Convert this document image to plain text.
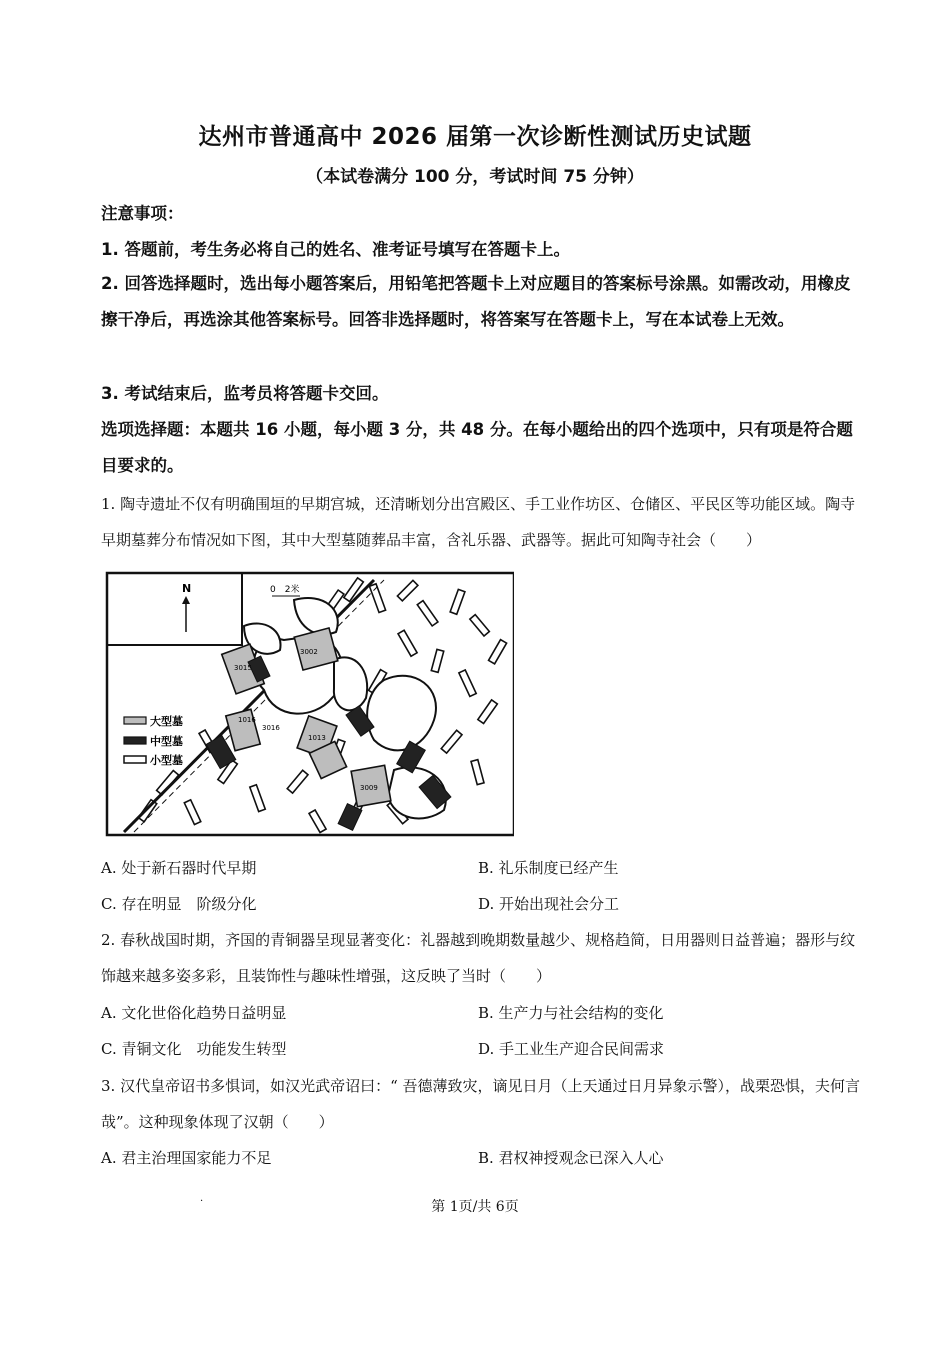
达州市普通高中 2026 届第一次诊断性测试历史试题
（本试卷满分 100 分，考试时间 75 分钟）
注意事项：
1. 答题前，考生务必将自己的姓名、准考证号填写在答题卡上。
2. 回答选择题时，选出每小题答案后，用铅笔把答题卡上对应题目的答案标号涂黑。如需改动，用橡皮擦干净后，再选涂其他答案标号。回答非选择题时，将答案写在答题卡上，写在本试卷上无效。
3. 考试结束后，监考员将答题卡交回。
选项选择题：本题共 16 小题，每小题 3 分，共 48 分。在每小题给出的四个选项中，只有项是符合题目要求的。
1. 陶寺遗址不仅有明确围垣的早期宫城，还清晰划分出宫殿区、手工业作坊区、仓储区、平民区等功能区域。陶寺早期墓葬分布情况如下图，其中大型墓随葬品丰富，含礼乐器、武器等。据此可知陶寺社会（　　）
N	0　2米
3002
3015
1016
3016
1013
3009
大型墓
中型墓
小型墓
A. 处于新石器时代早期	B. 礼乐制度已经产生
C. 存在明显　阶级分化	D. 开始出现社会分工
2. 春秋战国时期，齐国的青铜器呈现显著变化：礼器越到晚期数量越少、规格趋简，日用器则日益普遍；器形与纹饰越来越多姿多彩，且装饰性与趣味性增强，这反映了当时（　　）
A. 文化世俗化趋势日益明显	B. 生产力与社会结构的变化
C. 青铜文化　功能发生转型	D. 手工业生产迎合民间需求
3. 汉代皇帝诏书多惧词，如汉光武帝诏曰：“ 吾德薄致灾，谪见日月（上天通过日月异象示警），战栗恐惧，夫何言哉”。这种现象体现了汉朝（　　）
A. 君主治理国家能力不足	B. 君权神授观念已深入人心
·	第 1页/共 6页
